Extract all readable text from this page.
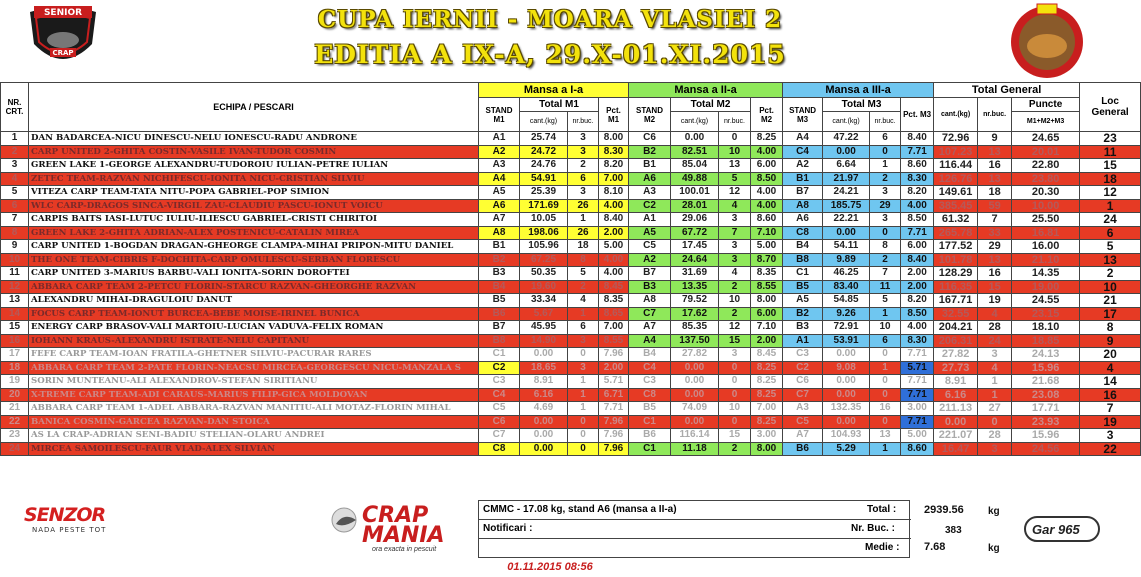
SENIOR
CRAP
CUPA IERNII - MOARA VLASIEI 2
EDITIA A IX-A, 29.X-01.XI.2015
NR. CRT.	ECHIPA / PESCARI	Mansa a I-a				Mansa a II-a				Mansa a III-a				Total General			Loc General
		STAND M1	Total M1		Pct. M1	STAND M2	Total M2		Pct. M2	STAND M3	Total M3		Pct. M3	cant.(kg)	nr.buc.	Puncte	
			cant.(kg)	nr.buc.			cant.(kg)	nr.buc.			cant.(kg)	nr.buc.				M1+M2+M3	
1	DAN BADARCEA-NICU DINESCU-NELU IONESCU-RADU ANDRONE	A1	25.74	3	8.00	C6	0.00	0	8.25	A4	47.22	6	8.40	72.96	9	24.65	23
2	CARP UNITED 2-GHITA COSTIN-VASILE IVAN-TUDOR COSMIN	A2	24.72	3	8.30	B2	82.51	10	4.00	C4	0.00	0	7.71	107.23	13	20.01	11
3	GREEN LAKE 1-GEORGE ALEXANDRU-TUDOROIU IULIAN-PETRE IULIAN	A3	24.76	2	8.20	B1	85.04	13	6.00	A2	6.64	1	8.60	116.44	16	22.80	15
4	ZETEC TEAM-RAZVAN NICHIFESCU-IONITA NICU-CRISTIAN SILVIU	A4	54.91	6	7.00	A6	49.88	5	8.50	B1	21.97	2	8.30	126.76	13	23.80	18
5	VITEZA CARP TEAM-TATA NITU-POPA GABRIEL-POP SIMION	A5	25.39	3	8.10	A3	100.01	12	4.00	B7	24.21	3	8.20	149.61	18	20.30	12
6	WLC CARP-DRAGOS SINCA-VIRGIL ZAU-CLAUDIU PASCU-IONUT VOICU	A6	171.69	26	4.00	C2	28.01	4	4.00	A8	185.75	29	4.00	385.45	59	10.00	1
7	CARPIS BAITS IASI-LUTUC IULIU-ILIESCU GABRIEL-CRISTI CHIRITOI	A7	10.05	1	8.40	A1	29.06	3	8.60	A6	22.21	3	8.50	61.32	7	25.50	24
8	GREEN LAKE 2-GHITA ADRIAN-ALEX POSTENICU-CATALIN MIREA	A8	198.06	26	2.00	A5	67.72	7	7.10	C8	0.00	0	7.71	265.78	33	16.81	6
9	CARP UNITED 1-BOGDAN DRAGAN-GHEORGE CLAMPA-MIHAI PRIPON-MITU DANIEL	B1	105.96	18	5.00	C5	17.45	3	5.00	B4	54.11	8	6.00	177.52	29	16.00	5
10	THE ONE TEAM-CIBRIS F-DOCHITA-CARP OMULESCU-SERBAN FLORESCU	B2	67.25	8	4.00	A2	24.64	3	8.70	B8	9.89	2	8.40	101.78	13	21.10	13
11	CARP UNITED 3-MARIUS BARBU-VALI IONITA-SORIN DOROFTEI	B3	50.35	5	4.00	B7	31.69	4	8.35	C1	46.25	7	2.00	128.29	16	14.35	2
12	ABBARA CARP TEAM 2-PETCU FLORIN-STARCU RAZVAN-GHEORGHE RAZVAN	B4	19.60	2	8.45	B3	13.35	2	8.55	B5	83.40	11	2.00	116.35	15	19.00	10
13	ALEXANDRU MIHAI-DRAGULOIU DANUT	B5	33.34	4	8.35	A8	79.52	10	8.00	A5	54.85	5	8.20	167.71	19	24.55	21
14	FOCUS CARP TEAM-IONUT BURCEA-BEBE MOISE-IRINEL BUNICA	B6	5.67	1	8.65	C7	17.62	2	6.00	B2	9.26	1	8.50	32.55	4	23.15	17
15	ENERGY CARP BRASOV-VALI MARTOIU-LUCIAN VADUVA-FELIX ROMAN	B7	45.95	6	7.00	A7	85.35	12	7.10	B3	72.91	10	4.00	204.21	28	18.10	8
16	IOHANN KRAUS-ALEXANDRU ISTRATE-NELU CAPITANU	B8	14.90	3	8.55	A4	137.50	15	2.00	A1	53.91	6	8.30	206.31	24	18.85	9
17	FEFE CARP TEAM-IOAN FRATILA-GHETNER SILVIU-PACURAR RARES	C1	0.00	0	7.96	B4	27.82	3	8.45	C3	0.00	0	7.71	27.82	3	24.13	20
18	ABBARA CARP TEAM 2-PATE FLORIN-NEACSU MIRCEA-GEORGESCU NICU-MANZALA S	C2	18.65	3	2.00	C4	0.00	0	8.25	C2	9.08	1	5.71	27.73	4	15.96	4
19	SORIN MUNTEANU-ALI ALEXANDROV-STEFAN SIRITIANU	C3	8.91	1	5.71	C3	0.00	0	8.25	C6	0.00	0	7.71	8.91	1	21.68	14
20	X-TREME CARP TEAM-ADI CARAUS-MARIUS FILIP-GICA MOLDOVAN	C4	6.16	1	6.71	C8	0.00	0	8.25	C7	0.00	0	7.71	6.16	1	23.08	16
21	ABBARA CARP TEAM 1-ADEL ABBARA-RAZVAN MANITIU-ALI MOTAZ-FLORIN MIHAL	C5	4.69	1	7.71	B5	74.09	10	7.00	A3	132.35	16	3.00	211.13	27	17.71	7
22	BANICA COSMIN-GARCEA RAZVAN-DAN STOICA	C6	0.00	0	7.96	C1	0.00	0	8.25	C5	0.00	0	7.71	0.00	0	23.93	19
23	AS LA CRAP-ADRIAN SENI-BADIU STELIAN-OLARU ANDREI	C7	0.00	0	7.96	B6	116.14	15	3.00	A7	104.93	13	5.00	221.07	28	15.96	3
24	MIRCEA SAMOILESCU-FAUR VLAD-ALEX SILVIAN	C8	0.00	0	7.96	C1	11.18	2	8.00	B6	5.29	1	8.60	16.47	3	24.56	22
SENZOR
NADA PESTE TOT
CRAP MANIA
ora exacta in pescuit
CMMC - 17.08 kg, stand A6 (mansa a II-a)	Total :
Notificari :	Nr. Buc. :
Medie :
2939.56 kg
383
7.68	kg
Gar 965
01.11.2015 08:56
